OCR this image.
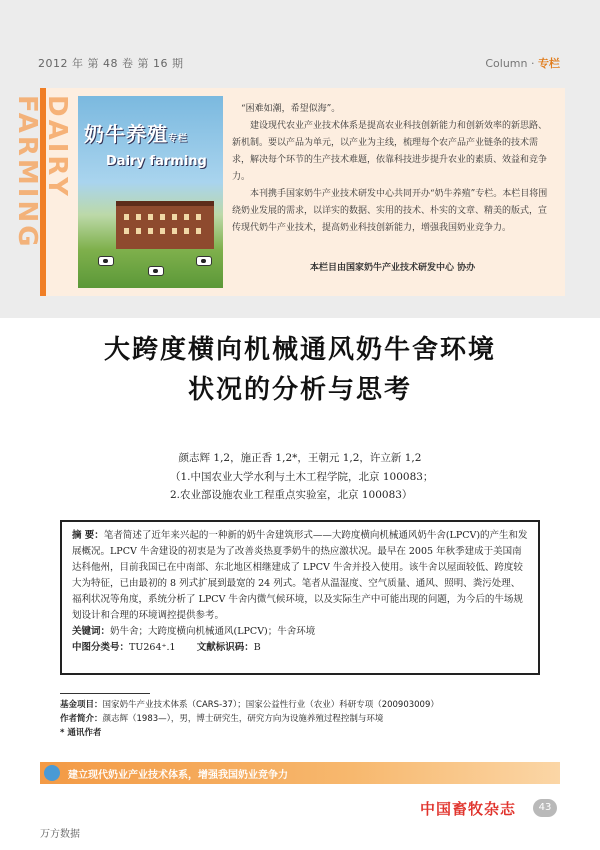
2012 年 第 48 卷 第 16 期	Column · 专栏
DAIRY FARMING	奶牛养殖专栏
Dairy farming

“困难如潮，希望似海”。

建设现代农业产业技术体系是提高农业科技创新能力和创新效率的新思路、新机制。要以产品为单元，以产业为主线，梳理每个农产品产业链条的技术需求，解决每个环节的生产技术难题，依靠科技进步提升农业的素质、效益和竞争力。

本刊携手国家奶牛产业技术研发中心共同开办“奶牛养殖”专栏。本栏目将围绕奶业发展的需求，以详实的数据、实用的技术、朴实的文章、精美的版式，宣传现代奶牛产业技术，提高奶业科技创新能力，增强我国奶业竞争力。

本栏目由国家奶牛产业技术研发中心 协办
大跨度横向机械通风奶牛舍环境
状况的分析与思考
颜志辉 1,2，施正香 1,2*，王朝元 1,2，许立新 1,2
（1.中国农业大学水利与土木工程学院，北京 100083；
2.农业部设施农业工程重点实验室，北京 100083）
摘 要：笔者简述了近年来兴起的一种新的奶牛舍建筑形式——大跨度横向机械通风奶牛舍(LPCV)的产生和发展概况。LPCV 牛舍建设的初衷是为了改善炎热夏季奶牛的热应激状况。最早在 2005 年秋季建成于美国南达科他州，目前我国已在中南部、东北地区相继建成了 LPCV 牛舍并投入使用。该牛舍以屋面较低、跨度较大为特征，已由最初的 8 列式扩展到最宽的 24 列式。笔者从温湿度、空气质量、通风、照明、粪污处理、福利状况等角度，系统分析了 LPCV 牛舍内微气候环境，以及实际生产中可能出现的问题，为今后的牛场规划设计和合理的环境调控提供参考。
关键词：奶牛舍；大跨度横向机械通风(LPCV)；牛舍环境
中图分类号：TU264⁺.1 文献标识码：B
基金项目：国家奶牛产业技术体系（CARS-37）；国家公益性行业（农业）科研专项（200903009）
作者简介：颜志辉（1983—），男，博士研究生，研究方向为设施养殖过程控制与环境
* 通讯作者
建立现代奶业产业技术体系，增强我国奶业竞争力
中国畜牧杂志	43
万方数据
